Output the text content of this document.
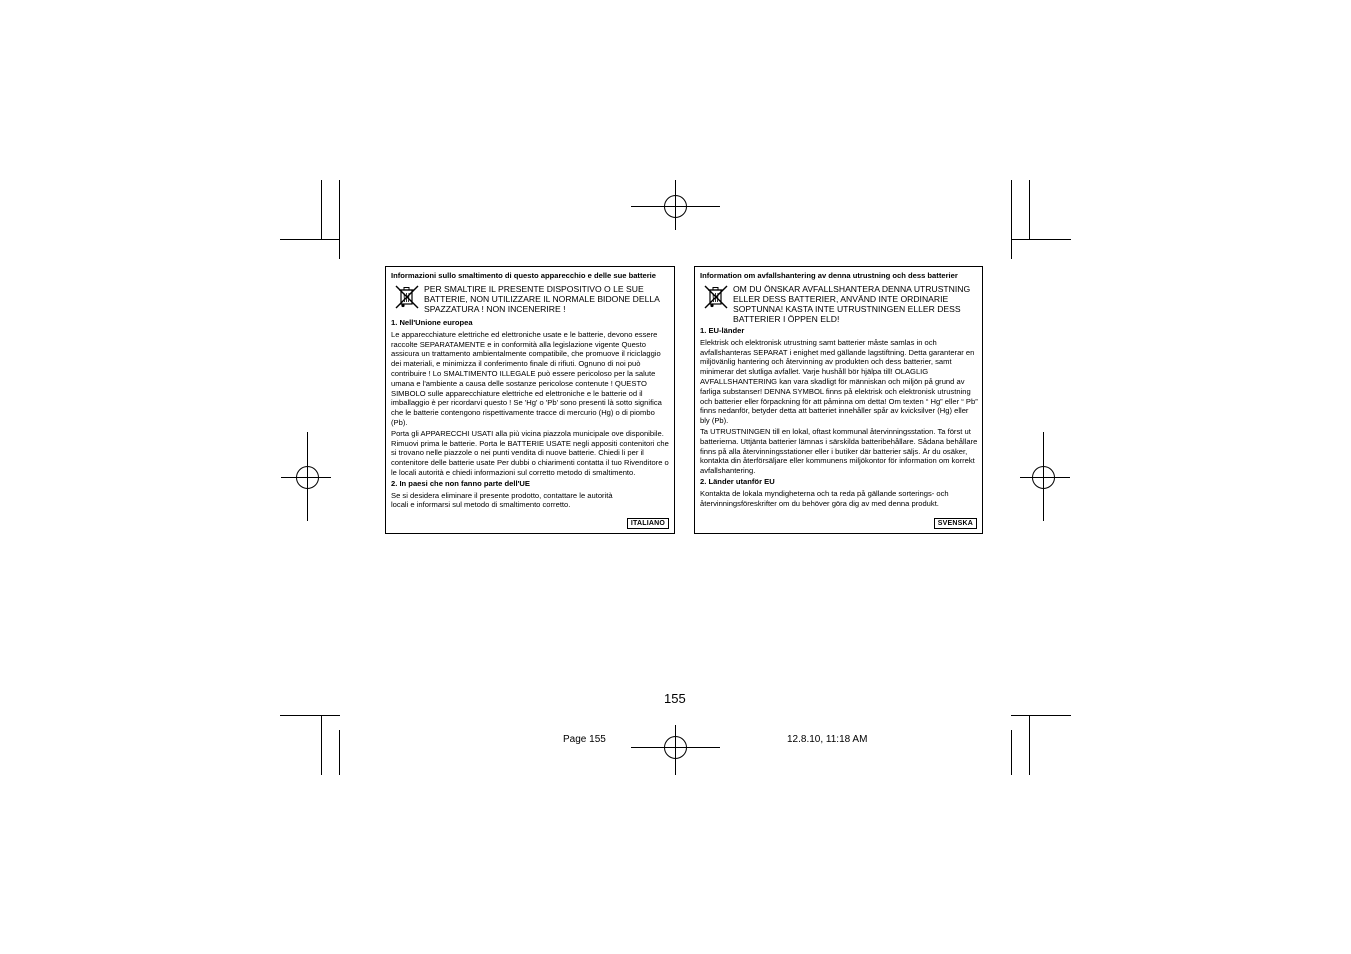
Informazioni sullo smaltimento di questo apparecchio e delle sue batterie
PER SMALTIRE IL PRESENTE DISPOSITIVO O LE SUE BATTERIE, NON UTILIZZARE IL NORMALE BIDONE DELLA SPAZZATURA ! NON INCENERIRE !

1. Nell'Unione europea

Le apparecchiature elettriche ed elettroniche usate e le batterie, devono essere raccolte SEPARATAMENTE e in conformità alla legislazione vigente Questo assicura un trattamento ambientalmente compatibile, che promuove il riciclaggio dei materiali, e minimizza il conferimento finale di rifiuti. Ognuno di noi può contribuire ! Lo SMALTIMENTO ILLEGALE può essere pericoloso per la salute umana e l'ambiente a causa delle sostanze pericolose contenute ! QUESTO SIMBOLO sulle apparecchiature elettriche ed elettroniche e le batterie od il imballaggio è per ricordarvi questo ! Se 'Hg' o 'Pb' sono presenti là sotto significa che le batterie contengono rispettivamente tracce di mercurio (Hg) o di piombo (Pb).

Porta gli APPARECCHI USATI alla più vicina piazzola municipale ove disponibile. Rimuovi prima le batterie. Porta le BATTERIE USATE negli appositi contenitori che si trovano nelle piazzole o nei punti vendita di nuove batterie. Chiedi li per il contenitore delle batterie usate Per dubbi o chiarimenti contatta il tuo Rivenditore o le locali autorità e chiedi informazioni sul corretto metodo di smaltimento.

2. In paesi che non fanno parte dell'UE

Se si desidera eliminare il presente prodotto, contattare le autorità locali e informarsi sul metodo di smaltimento corretto.

ITALIANO
Information om avfallshantering av denna utrustning och dess batterier
OM DU ÖNSKAR AVFALLSHANTERA DENNA UTRUSTNING ELLER DESS BATTERIER, ANVÄND INTE ORDINARIE SOPTUNNA! KASTA INTE UTRUSTNINGEN ELLER DESS BATTERIER I ÖPPEN ELD!

1. EU-länder

Elektrisk och elektronisk utrustning samt batterier måste samlas in och avfallshanteras SEPARAT i enighet med gällande lagstiftning. Detta garanterar en miljövänlig hantering och återvinning av produkten och dess batterier, samt minimerar det slutliga avfallet. Varje hushåll bör hjälpa till! OLAGLIG AVFALLSHANTERING kan vara skadligt för människan och miljön på grund av farliga substanser! DENNA SYMBOL finns på elektrisk och elektronisk utrustning och batterier eller förpackning för att påminna om detta! Om texten “ Hg” eller “ Pb” finns nedanför, betyder detta att batteriet innehåller spår av kvicksilver (Hg) eller bly (Pb).

Ta UTRUSTNINGEN till en lokal, oftast kommunal återvinningsstation. Ta först ut batterierna. Uttjänta batterier lämnas i särskilda batteribehållare. Sådana behållare finns på alla återvinningsstationer eller i butiker där batterier säljs. Är du osäker, kontakta din återförsäljare eller kommunens miljökontor för information om korrekt avfallshantering.

2. Länder utanför EU

Kontakta de lokala myndigheterna och ta reda på gällande sorterings- och återvinningsföreskrifter om du behöver göra dig av med denna produkt.

SVENSKA
155
Page 155	12.8.10, 11:18 AM
